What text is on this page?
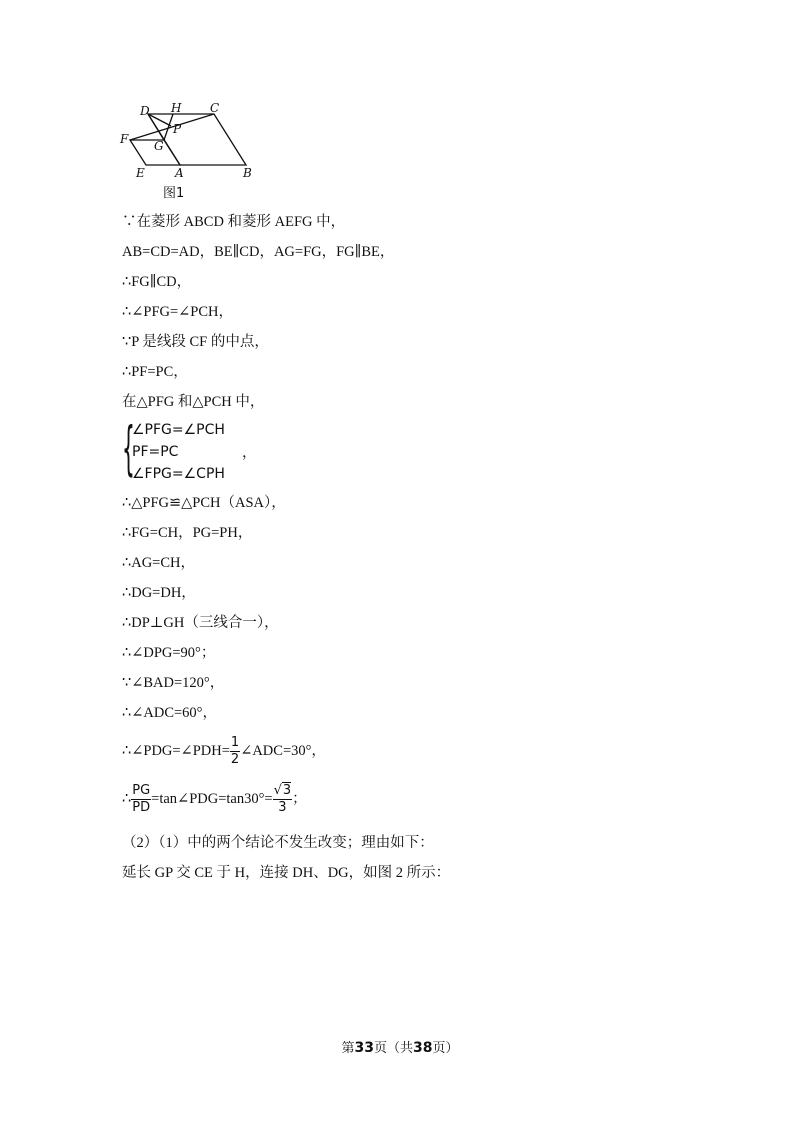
D H C
P
F G
E	A	B
图1
∵在菱形 ABCD 和菱形 AEFG 中，
AB=CD=AD，BE∥CD，AG=FG，FG∥BE，
∴FG∥CD，
∴∠PFG=∠PCH，
∵P 是线段 CF 的中点，
∴PF=PC，
在△PFG 和△PCH 中，
{
∠PFG=∠PCH
PF=PC
∠FPG=∠CPH
，
∴△PFG≌△PCH（ASA），
∴FG=CH，PG=PH，
∴AG=CH，
∴DG=DH，
∴DP⊥GH（三线合一），
∴∠DPG=90°；
∵∠BAD=120°，
∴∠ADC=60°，
∴∠PDG=∠PDH= $\frac{1}{2}$ ∠ADC=30°，
∴ $\frac{PG}{PD}$ =tan∠PDG=tan30°= $\frac{√3}{3}$ ；
（2）（1）中的两个结论不发生改变；理由如下：
延长 GP 交 CE 于 H，连接 DH、DG，如图 2 所示：
第33页（共38页）
